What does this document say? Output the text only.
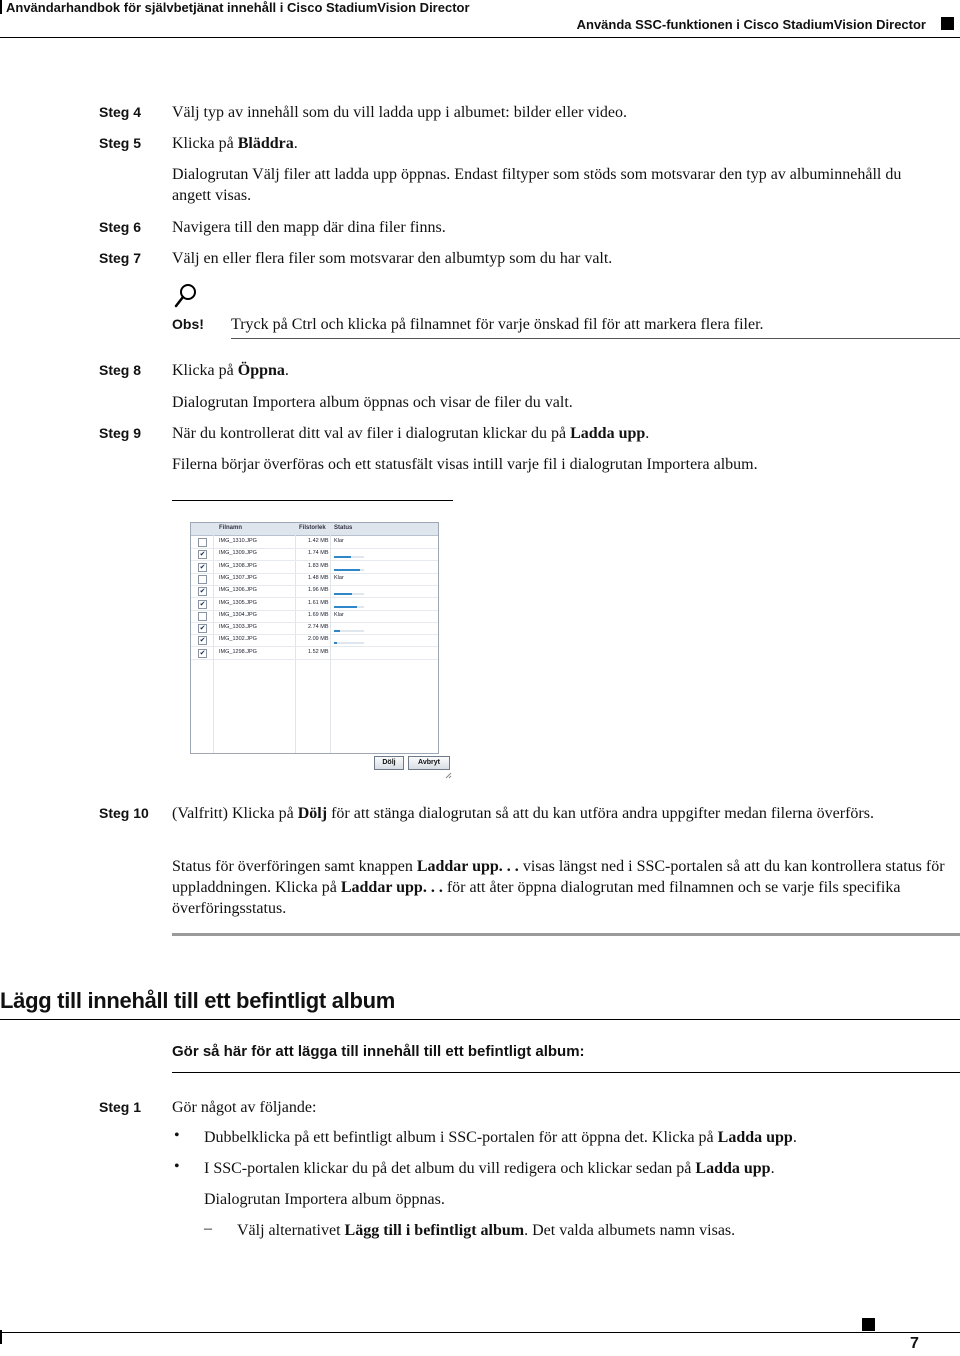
Användarhandbok för självbetjänat innehåll i Cisco StadiumVision Director
Använda SSC-funktionen i Cisco StadiumVision Director
Steg 4 Välj typ av innehåll som du vill ladda upp i albumet: bilder eller video.
Steg 5 Klicka på Bläddra.
Dialogrutan Välj filer att ladda upp öppnas. Endast filtyper som stöds som motsvarar den typ av albuminnehåll du angett visas.
Steg 6 Navigera till den mapp där dina filer finns.
Steg 7 Välj en eller flera filer som motsvarar den albumtyp som du har valt.
Obs! Tryck på Ctrl och klicka på filnamnet för varje önskad fil för att markera flera filer.
Steg 8 Klicka på Öppna.
Dialogrutan Importera album öppnas och visar de filer du valt.
Steg 9 När du kontrollerat ditt val av filer i dialogrutan klickar du på Ladda upp.
Filerna börjar överföras och ett statusfält visas intill varje fil i dialogrutan Importera album.
Filnamn	Filstorlek Status
IMG_1310.JPG	1.42 MB Klar
✔ IMG_1309.JPG	1.74 MB
✔ IMG_1308.JPG	1.83 MB
IMG_1307.JPG	1.48 MB Klar
✔ IMG_1306.JPG	1.96 MB
✔ IMG_1305.JPG	1.61 MB
IMG_1304.JPG	1.69 MB Klar
✔ IMG_1303.JPG	2.74 MB
✔ IMG_1302.JPG	2.09 MB
✔ IMG_1298.JPG	1.52 MB
Dölj	Avbryt
Steg 10 (Valfritt) Klicka på Dölj för att stänga dialogrutan så att du kan utföra andra uppgifter medan filerna överförs.
Status för överföringen samt knappen Laddar upp. . . visas längst ned i SSC-portalen så att du kan kontrollera status för uppladdningen. Klicka på Laddar upp. . . för att åter öppna dialogrutan med filnamnen och se varje fils specifika överföringsstatus.
Lägg till innehåll till ett befintligt album
Gör så här för att lägga till innehåll till ett befintligt album:
Steg 1 Gör något av följande:
• Dubbelklicka på ett befintligt album i SSC-portalen för att öppna det. Klicka på Ladda upp.
• I SSC-portalen klickar du på det album du vill redigera och klickar sedan på Ladda upp.
Dialogrutan Importera album öppnas.
– Välj alternativet Lägg till i befintligt album. Det valda albumets namn visas.
7
